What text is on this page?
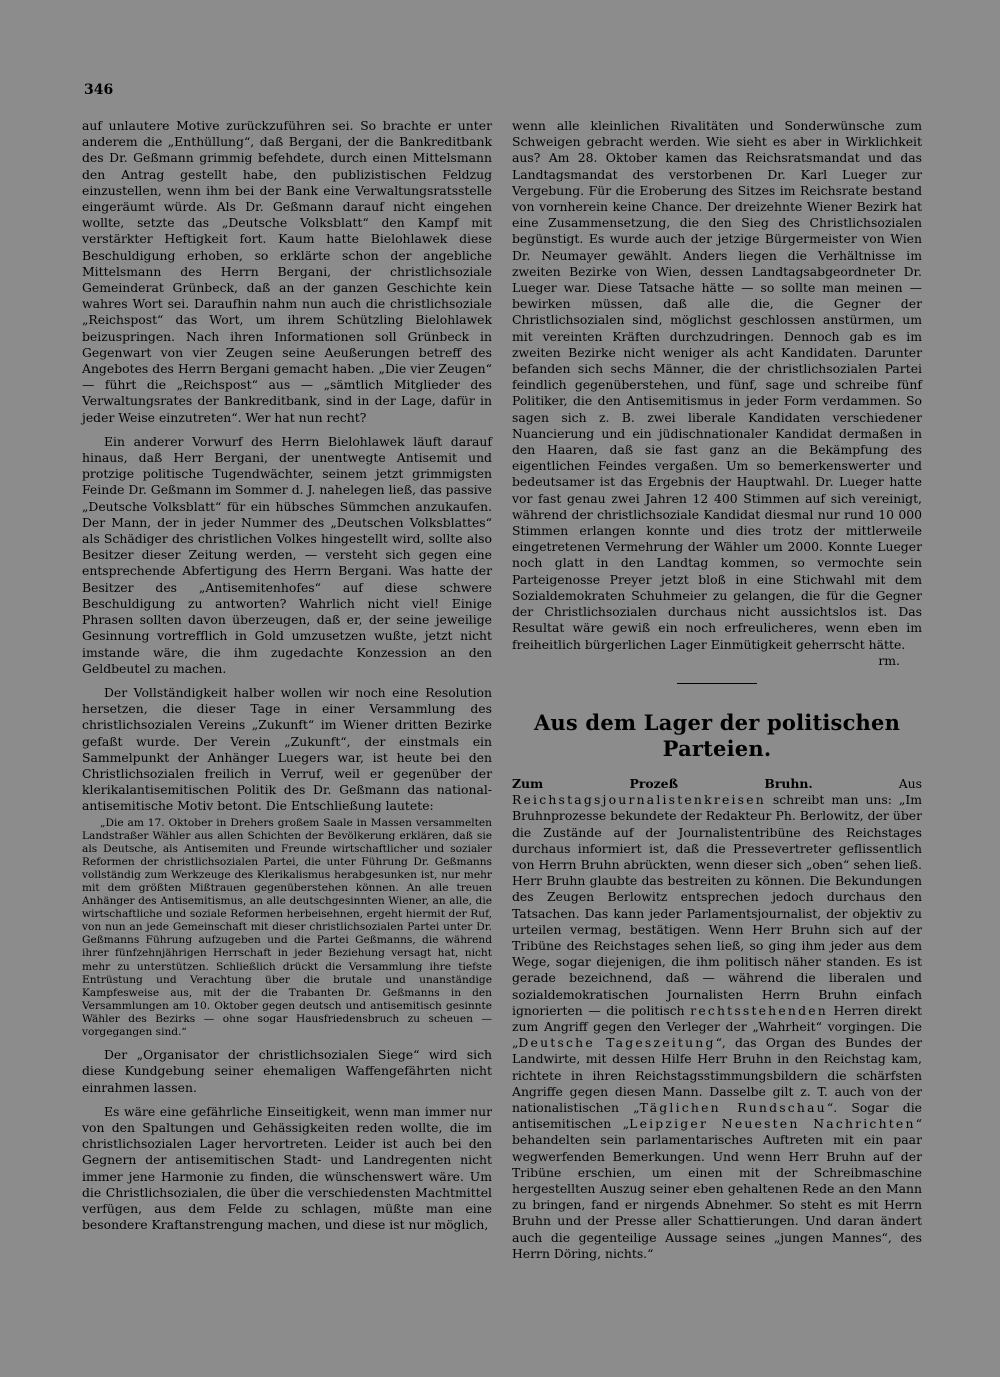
346

auf unlautere Motive zurückzuführen sei. So brachte er unter anderem die „Enthüllung“, daß Bergani, der die Bankreditbank des Dr. Geßmann grimmig befehdete, durch einen Mittelsmann den Antrag gestellt habe, den publizistischen Feldzug einzustellen, wenn ihm bei der Bank eine Verwaltungsratsstelle eingeräumt würde. Als Dr. Geßmann darauf nicht eingehen wollte, setzte das „Deutsche Volksblatt“ den Kampf mit verstärkter Heftigkeit fort. Kaum hatte Bielohlawek diese Beschuldigung erhoben, so erklärte schon der angebliche Mittelsmann des Herrn Bergani, der christlichsoziale Gemeinderat Grünbeck, daß an der ganzen Geschichte kein wahres Wort sei. Daraufhin nahm nun auch die christlichsoziale „Reichspost“ das Wort, um ihrem Schützling Bielohlawek beizuspringen. Nach ihren Informationen soll Grünbeck in Gegenwart von vier Zeugen seine Aeußerungen betreff des Angebotes des Herrn Bergani gemacht haben. „Die vier Zeugen“ — führt die „Reichspost“ aus — „sämtlich Mitglieder des Verwaltungsrates der Bankreditbank, sind in der Lage, dafür in jeder Weise einzutreten“. Wer hat nun recht?

Ein anderer Vorwurf des Herrn Bielohlawek läuft darauf hinaus, daß Herr Bergani, der unentwegte Antisemit und protzige politische Tugendwächter, seinem jetzt grimmigsten Feinde Dr. Geßmann im Sommer d. J. nahelegen ließ, das passive „Deutsche Volksblatt“ für ein hübsches Sümmchen anzukaufen. Der Mann, der in jeder Nummer des „Deutschen Volksblattes“ als Schädiger des christlichen Volkes hingestellt wird, sollte also Besitzer dieser Zeitung werden, — versteht sich gegen eine entsprechende Abfertigung des Herrn Bergani. Was hatte der Besitzer des „Antisemitenhofes“ auf diese schwere Beschuldigung zu antworten? Wahrlich nicht viel! Einige Phrasen sollten davon überzeugen, daß er, der seine jeweilige Gesinnung vortrefflich in Gold umzusetzen wußte, jetzt nicht imstande wäre, die ihm zugedachte Konzession an den Geldbeutel zu machen.

Der Vollständigkeit halber wollen wir noch eine Resolution hersetzen, die dieser Tage in einer Versammlung des christlichsozialen Vereins „Zukunft“ im Wiener dritten Bezirke gefaßt wurde. Der Verein „Zukunft“, der einstmals ein Sammelpunkt der Anhänger Luegers war, ist heute bei den Christlichsozialen freilich in Verruf, weil er gegenüber der klerikalantisemitischen Politik des Dr. Geßmann das national-antisemitische Motiv betont. Die Entschließung lautete:

„Die am 17. Oktober in Drehers großem Saale in Massen versammelten Landstraßer Wähler aus allen Schichten der Bevölkerung erklären, daß sie als Deutsche, als Antisemiten und Freunde wirtschaftlicher und sozialer Reformen der christlichsozialen Partei, die unter Führung Dr. Geßmanns vollständig zum Werkzeuge des Klerikalismus herabgesunken ist, nur mehr mit dem größten Mißtrauen gegenüberstehen können. An alle treuen Anhänger des Antisemitismus, an alle deutschgesinnten Wiener, an alle, die wirtschaftliche und soziale Reformen herbeisehnen, ergeht hiermit der Ruf, von nun an jede Gemeinschaft mit dieser christlichsozialen Partei unter Dr. Geßmanns Führung aufzugeben und die Partei Geßmanns, die während ihrer fünfzehnjährigen Herrschaft in jeder Beziehung versagt hat, nicht mehr zu unterstützen. Schließlich drückt die Versammlung ihre tiefste Entrüstung und Verachtung über die brutale und unanständige Kampfesweise aus, mit der die Trabanten Dr. Geßmanns in den Versammlungen am 10. Oktober gegen deutsch und antisemitisch gesinnte Wähler des Bezirks — ohne sogar Hausfriedensbruch zu scheuen — vorgegangen sind.“

Der „Organisator der christlichsozialen Siege“ wird sich diese Kundgebung seiner ehemaligen Waffengefährten nicht einrahmen lassen.

Es wäre eine gefährliche Einseitigkeit, wenn man immer nur von den Spaltungen und Gehässigkeiten reden wollte, die im christlichsozialen Lager hervortreten. Leider ist auch bei den Gegnern der antisemitischen Stadt- und Landregenten nicht immer jene Harmonie zu finden, die wünschenswert wäre. Um die Christlichsozialen, die über die verschiedensten Machtmittel verfügen, aus dem Felde zu schlagen, müßte man eine besondere Kraftanstrengung machen, und diese ist nur möglich,

wenn alle kleinlichen Rivalitäten und Sonderwünsche zum Schweigen gebracht werden. Wie sieht es aber in Wirklichkeit aus? Am 28. Oktober kamen das Reichsratsmandat und das Landtagsmandat des verstorbenen Dr. Karl Lueger zur Vergebung. Für die Eroberung des Sitzes im Reichsrate bestand von vornherein keine Chance. Der dreizehnte Wiener Bezirk hat eine Zusammensetzung, die den Sieg des Christlichsozialen begünstigt. Es wurde auch der jetzige Bürgermeister von Wien Dr. Neumayer gewählt. Anders liegen die Verhältnisse im zweiten Bezirke von Wien, dessen Landtagsabgeordneter Dr. Lueger war. Diese Tatsache hätte — so sollte man meinen — bewirken müssen, daß alle die, die Gegner der Christlichsozialen sind, möglichst geschlossen anstürmen, um mit vereinten Kräften durchzudringen. Dennoch gab es im zweiten Bezirke nicht weniger als acht Kandidaten. Darunter befanden sich sechs Männer, die der christlichsozialen Partei feindlich gegenüberstehen, und fünf, sage und schreibe fünf Politiker, die den Antisemitismus in jeder Form verdammen. So sagen sich z. B. zwei liberale Kandidaten verschiedener Nuancierung und ein jüdischnationaler Kandidat dermaßen in den Haaren, daß sie fast ganz an die Bekämpfung des eigentlichen Feindes vergaßen. Um so bemerkenswerter und bedeutsamer ist das Ergebnis der Hauptwahl. Dr. Lueger hatte vor fast genau zwei Jahren 12 400 Stimmen auf sich vereinigt, während der christlichsoziale Kandidat diesmal nur rund 10 000 Stimmen erlangen konnte und dies trotz der mittlerweile eingetretenen Vermehrung der Wähler um 2000. Konnte Lueger noch glatt in den Landtag kommen, so vermochte sein Parteigenosse Preyer jetzt bloß in eine Stichwahl mit dem Sozialdemokraten Schuhmeier zu gelangen, die für die Gegner der Christlichsozialen durchaus nicht aussichtslos ist. Das Resultat wäre gewiß ein noch erfreulicheres, wenn eben im freiheitlich bürgerlichen Lager Einmütigkeit geherrscht hätte.

rm.

Aus dem Lager der politischen Parteien.

Zum Prozeß Bruhn. Aus Reichstagsjournalistenkreisen schreibt man uns: „Im Bruhnprozesse bekundete der Redakteur Ph. Berlowitz, der über die Zustände auf der Journalistentribüne des Reichstages durchaus informiert ist, daß die Pressevertreter geflissentlich von Herrn Bruhn abrückten, wenn dieser sich „oben“ sehen ließ. Herr Bruhn glaubte das bestreiten zu können. Die Bekundungen des Zeugen Berlowitz entsprechen jedoch durchaus den Tatsachen. Das kann jeder Parlamentsjournalist, der objektiv zu urteilen vermag, bestätigen. Wenn Herr Bruhn sich auf der Tribüne des Reichstages sehen ließ, so ging ihm jeder aus dem Wege, sogar diejenigen, die ihm politisch näher standen. Es ist gerade bezeichnend, daß — während die liberalen und sozialdemokratischen Journalisten Herrn Bruhn einfach ignorierten — die politisch rechtsstehenden Herren direkt zum Angriff gegen den Verleger der „Wahrheit“ vorgingen. Die „Deutsche Tageszeitung“, das Organ des Bundes der Landwirte, mit dessen Hilfe Herr Bruhn in den Reichstag kam, richtete in ihren Reichstagsstimmungsbildern die schärfsten Angriffe gegen diesen Mann. Dasselbe gilt z. T. auch von der nationalistischen „Täglichen Rundschau“. Sogar die antisemitischen „Leipziger Neuesten Nachrichten“ behandelten sein parlamentarisches Auftreten mit ein paar wegwerfenden Bemerkungen. Und wenn Herr Bruhn auf der Tribüne erschien, um einen mit der Schreibmaschine hergestellten Auszug seiner eben gehaltenen Rede an den Mann zu bringen, fand er nirgends Abnehmer. So steht es mit Herrn Bruhn und der Presse aller Schattierungen. Und daran ändert auch die gegenteilige Aussage seines „jungen Mannes“, des Herrn Döring, nichts.“
